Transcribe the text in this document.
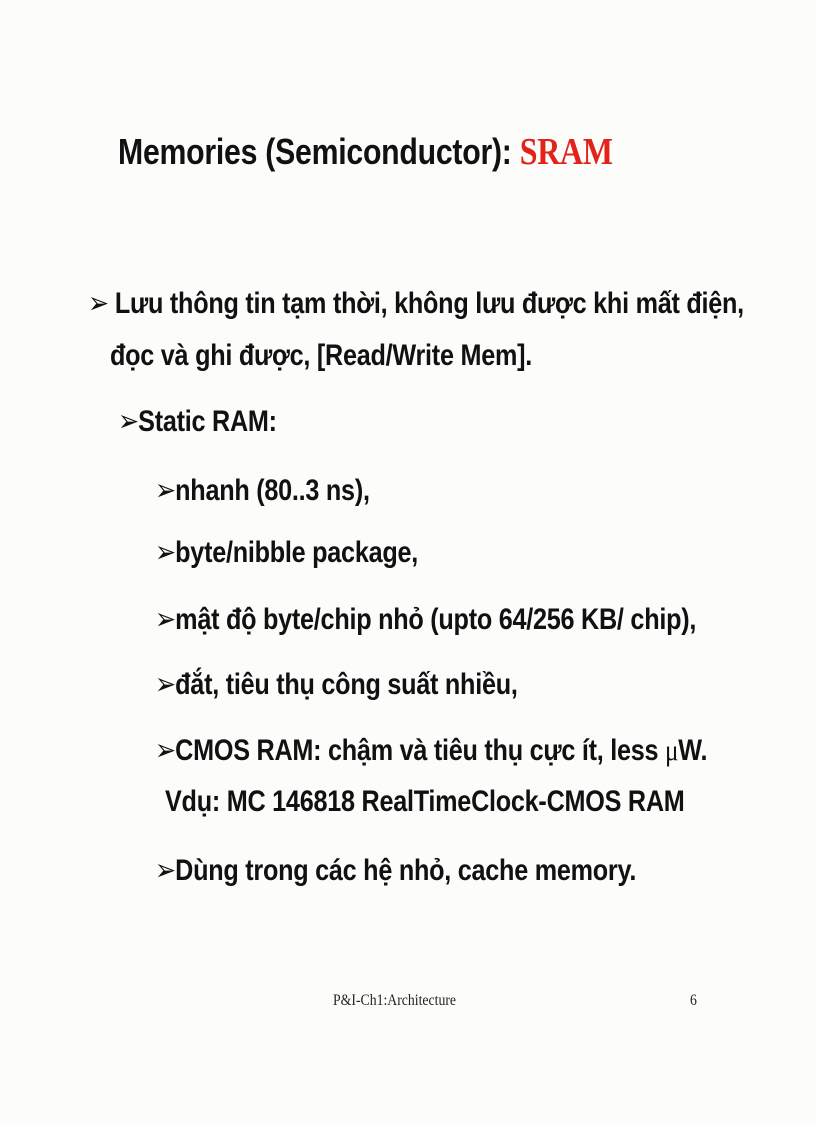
Memories (Semiconductor): SRAM
➢ Lưu thông tin tạm thời, không lưu được khi mất điện,
đọc và ghi được, [Read/Write Mem].
➢Static RAM:
➢nhanh (80..3 ns),
➢byte/nibble package,
➢mật độ byte/chip nhỏ (upto 64/256 KB/ chip),
➢đắt, tiêu thụ công suất nhiều,
➢CMOS RAM: chậm và tiêu thụ cực ít, less μW.
Vdụ: MC 146818 RealTimeClock-CMOS RAM
➢Dùng trong các hệ nhỏ, cache memory.
P&I-Ch1:Architecture	6
